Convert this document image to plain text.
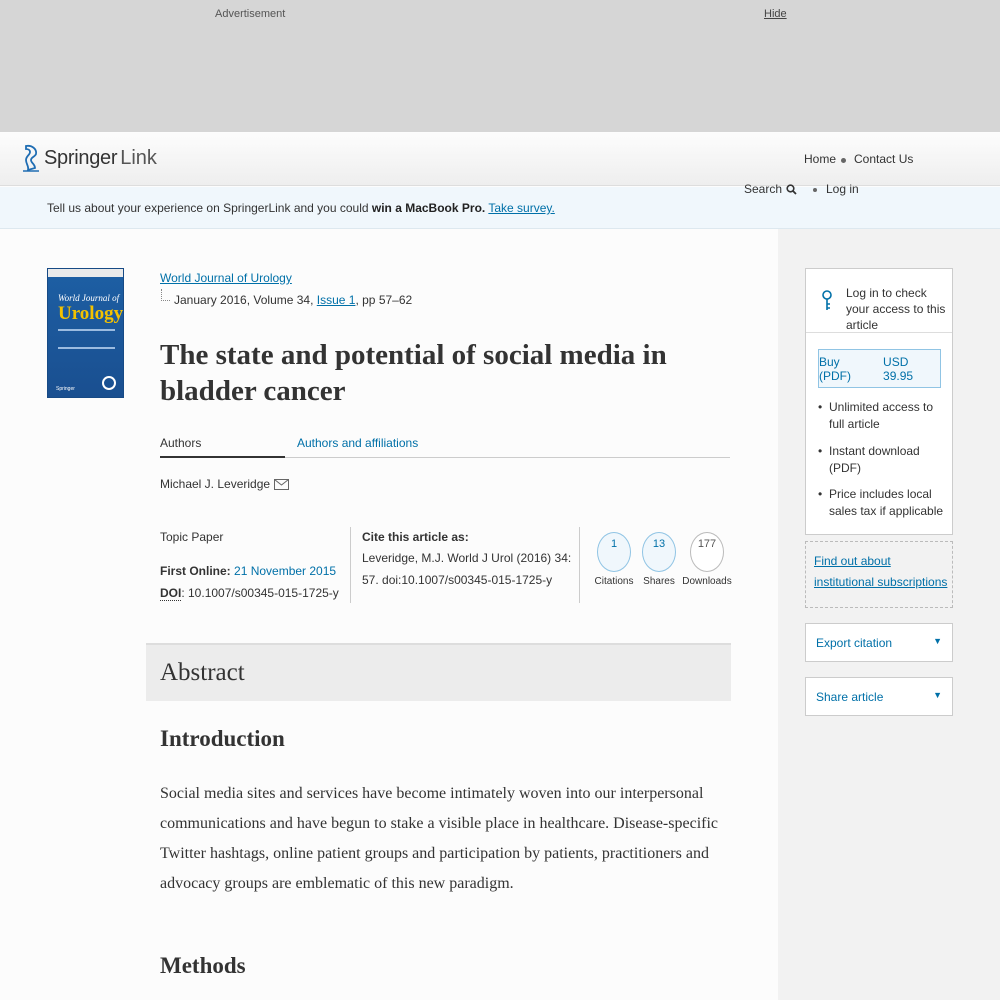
Advertisement	Hide
Springer Link	Home Contact Us
Tell us about your experience on SpringerLink and you could win a MacBook Pro. Take survey.
Search	Log in
Log in to check your access to this article
Buy (PDF)
USD 39.95
• Unlimited access to full article
• Instant download (PDF)
• Price includes local sales tax if applicable
Find out about institutional subscriptions
Export citation	▼
Share article	▼
World Journal of
Urology
Springer
World Journal of Urology
January 2016, Volume 34, Issue 1, pp 57–62
The state and potential of social media in bladder cancer
Authors	Authors and affiliations
Michael J. Leveridge
Topic Paper
First Online: 21 November 2015
DOI: 10.1007/s00345-015-1725-y
Cite this article as:
Leveridge, M.J. World J Urol (2016) 34: 57. doi:10.1007/s00345-015-1725-y
1
Citations
13
Shares
177
Downloads
Abstract
Introduction

Social media sites and services have become intimately woven into our interpersonal communications and have begun to stake a visible place in healthcare. Disease-specific Twitter hashtags, online patient groups and participation by patients, practitioners and advocacy groups are emblematic of this new paradigm.

Methods
